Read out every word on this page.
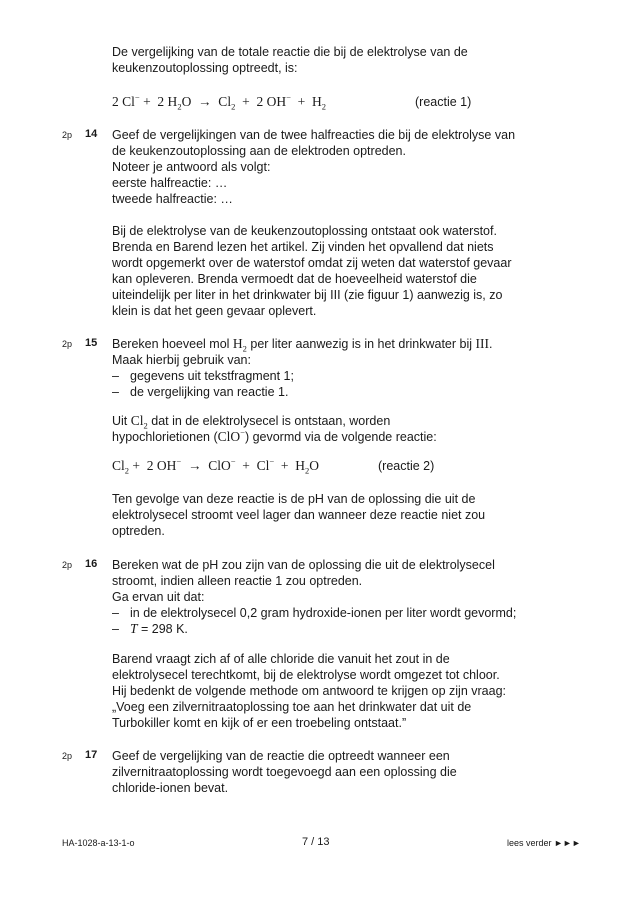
De vergelijking van de totale reactie die bij de elektrolyse van de
keukenzoutoplossing optreedt, is:

2 Cl− +  2 $H_2O \to Cl_2 + 2$ $OH^- + H_2$	(reactie 1)
2p 14 Geef de vergelijkingen van de twee halfreacties die bij de elektrolyse van
de keukenzoutoplossing aan de elektroden optreden.
Noteer je antwoord als volgt:
eerste halfreactie: …
tweede halfreactie: …

Bij de elektrolyse van de keukenzoutoplossing ontstaat ook waterstof.
Brenda en Barend lezen het artikel. Zij vinden het opvallend dat niets
wordt opgemerkt over de waterstof omdat zij weten dat waterstof gevaar
kan opleveren. Brenda vermoedt dat de hoeveelheid waterstof die
uiteindelijk per liter in het drinkwater bij III (zie figuur 1) aanwezig is, zo
klein is dat het geen gevaar oplevert.

2p 15 Bereken hoeveel mol $H_2$ per liter aanwezig is in het drinkwater bij III.
Maak hierbij gebruik van:
– gegevens uit tekstfragment 1;
– de vergelijking van reactie 1.

Uit $Cl_2$ dat in de elektrolysecel is ontstaan, worden
hypochlorietionen (ClO−) gevormd via de volgende reactie:

$Cl_2 + 2$ $OH^- \to ClO^- + Cl^- + H_2O$	(reactie 2)

Ten gevolge van deze reactie is de pH van de oplossing die uit de
elektrolysecel stroomt veel lager dan wanneer deze reactie niet zou
optreden.

2p 16 Bereken wat de pH zou zijn van de oplossing die uit de elektrolysecel
stroomt, indien alleen reactie 1 zou optreden.
Ga ervan uit dat:
– in de elektrolysecel 0,2 gram hydroxide-ionen per liter wordt gevormd;
– T = 298 K.

Barend vraagt zich af of alle chloride die vanuit het zout in de
elektrolysecel terechtkomt, bij de elektrolyse wordt omgezet tot chloor.
Hij bedenkt de volgende methode om antwoord te krijgen op zijn vraag:
„Voeg een zilvernitraatoplossing toe aan het drinkwater dat uit de
Turbokiller komt en kijk of er een troebeling ontstaat.”

2p 17 Geef de vergelijking van de reactie die optreedt wanneer een
zilvernitraatoplossing wordt toegevoegd aan een oplossing die
chloride-ionen bevat.

HA-1028-a-13-1-o	7 / 13	lees verder ►►►
